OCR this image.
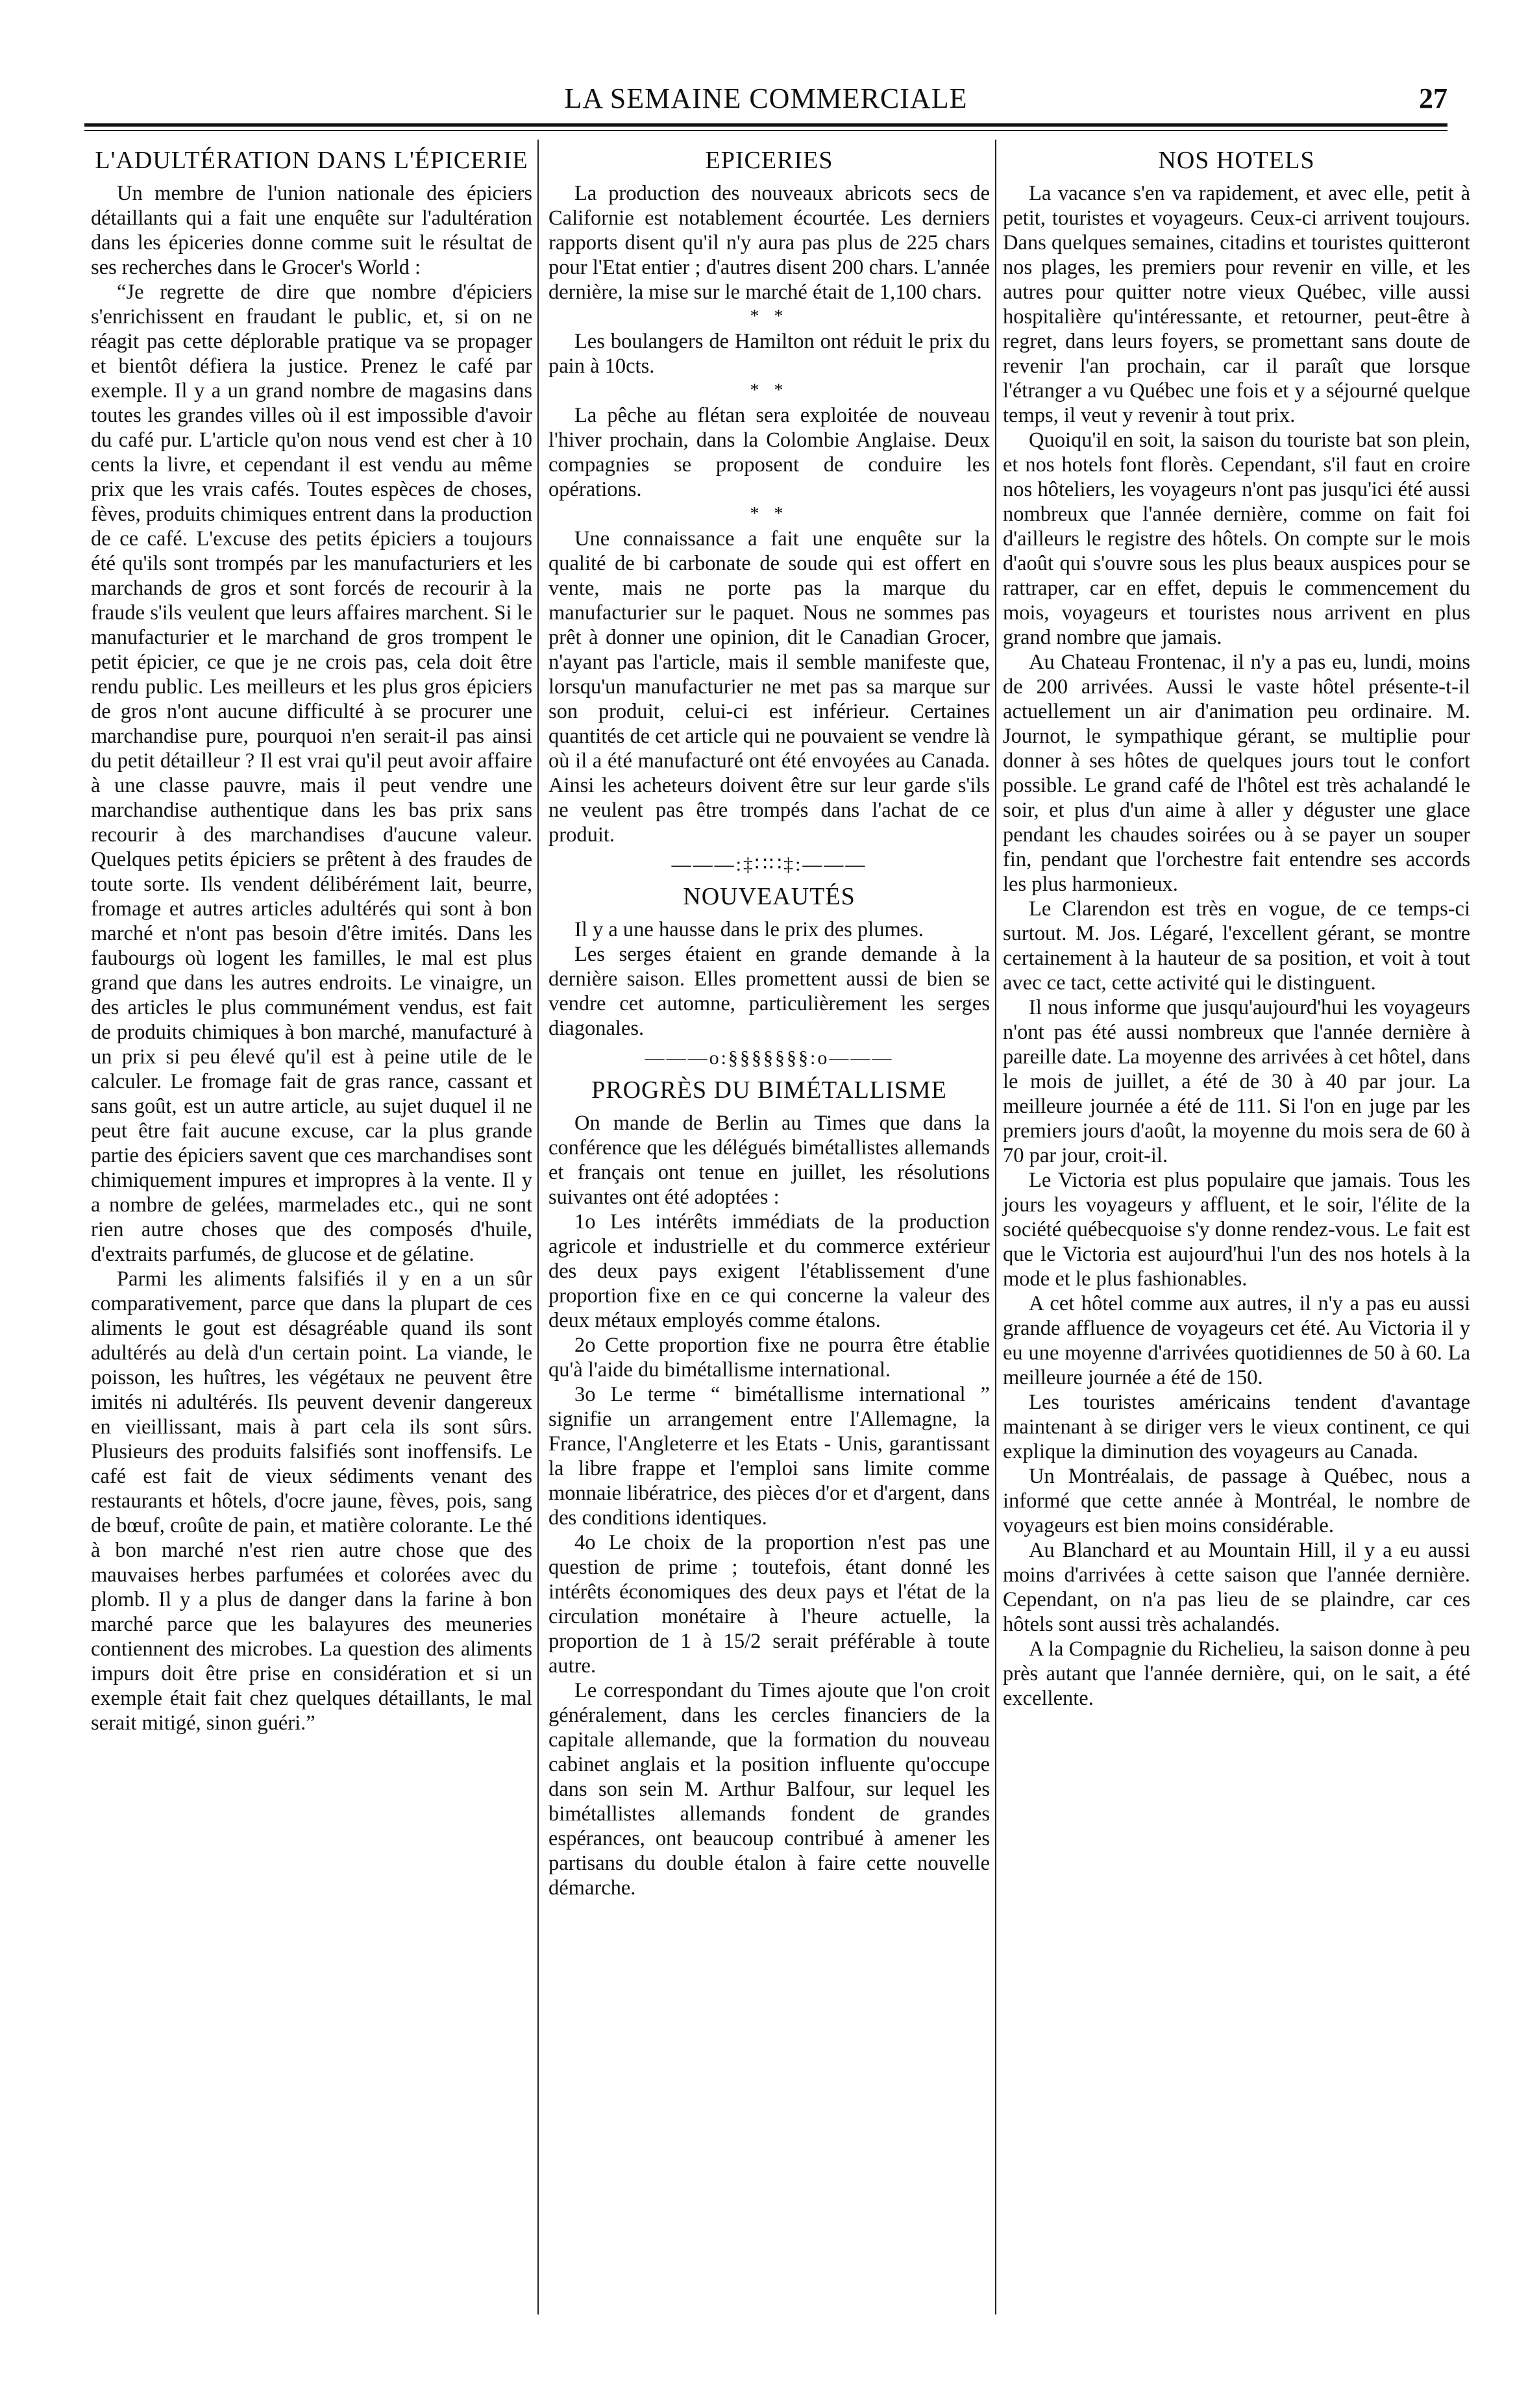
LA SEMAINE COMMERCIALE	27
L'ADULTÉRATION DANS L'ÉPICERIE

Un membre de l'union nationale des épiciers détaillants qui a fait une enquête sur l'adultération dans les épiceries donne comme suit le résultat de ses recherches dans le Grocer's World :

“Je regrette de dire que nombre d'épiciers s'enrichissent en fraudant le public, et, si on ne réagit pas cette déplorable pratique va se propager et bientôt défiera la justice. Prenez le café par exemple. Il y a un grand nombre de magasins dans toutes les grandes villes où il est impossible d'avoir du café pur. L'article qu'on nous vend est cher à 10 cents la livre, et cependant il est vendu au même prix que les vrais cafés. Toutes espèces de choses, fèves, produits chimiques entrent dans la production de ce café. L'excuse des petits épiciers a toujours été qu'ils sont trompés par les manufacturiers et les marchands de gros et sont forcés de recourir à la fraude s'ils veulent que leurs affaires marchent. Si le manufacturier et le marchand de gros trompent le petit épicier, ce que je ne crois pas, cela doit être rendu public. Les meilleurs et les plus gros épiciers de gros n'ont aucune difficulté à se procurer une marchandise pure, pourquoi n'en serait-il pas ainsi du petit détailleur ? Il est vrai qu'il peut avoir affaire à une classe pauvre, mais il peut vendre une marchandise authentique dans les bas prix sans recourir à des marchandises d'aucune valeur. Quelques petits épiciers se prêtent à des fraudes de toute sorte. Ils vendent délibérément lait, beurre, fromage et autres articles adultérés qui sont à bon marché et n'ont pas besoin d'être imités. Dans les faubourgs où logent les familles, le mal est plus grand que dans les autres endroits. Le vinaigre, un des articles le plus communément vendus, est fait de produits chimiques à bon marché, manufacturé à un prix si peu élevé qu'il est à peine utile de le calculer. Le fromage fait de gras rance, cassant et sans goût, est un autre article, au sujet duquel il ne peut être fait aucune excuse, car la plus grande partie des épiciers savent que ces marchandises sont chimiquement impures et impropres à la vente. Il y a nombre de gelées, marmelades etc., qui ne sont rien autre choses que des composés d'huile, d'extraits parfumés, de glucose et de gélatine.

Parmi les aliments falsifiés il y en a un sûr comparativement, parce que dans la plupart de ces aliments le gout est désagréable quand ils sont adultérés au delà d'un certain point. La viande, le poisson, les huîtres, les végétaux ne peuvent être imités ni adultérés. Ils peuvent devenir dangereux en vieillissant, mais à part cela ils sont sûrs. Plusieurs des produits falsifiés sont inoffensifs. Le café est fait de vieux sédiments venant des restaurants et hôtels, d'ocre jaune, fèves, pois, sang de bœuf, croûte de pain, et matière colorante. Le thé à bon marché n'est rien autre chose que des mauvaises herbes parfumées et colorées avec du plomb. Il y a plus de danger dans la farine à bon marché parce que les balayures des meuneries contiennent des microbes. La question des aliments impurs doit être prise en considération et si un exemple était fait chez quelques détaillants, le mal serait mitigé, sinon guéri.”

EPICERIES

La production des nouveaux abricots secs de Californie est notablement écourtée. Les derniers rapports disent qu'il n'y aura pas plus de 225 chars pour l'Etat entier ; d'autres disent 200 chars. L'année dernière, la mise sur le marché était de 1,100 chars.

* *

Les boulangers de Hamilton ont réduit le prix du pain à 10cts.

* *

La pêche au flétan sera exploitée de nouveau l'hiver prochain, dans la Colombie Anglaise. Deux compagnies se proposent de conduire les opérations.

* *

Une connaissance a fait une enquête sur la qualité de bi carbonate de soude qui est offert en vente, mais ne porte pas la marque du manufacturier sur le paquet. Nous ne sommes pas prêt à donner une opinion, dit le Canadian Grocer, n'ayant pas l'article, mais il semble manifeste que, lorsqu'un manufacturier ne met pas sa marque sur son produit, celui-ci est inférieur. Certaines quantités de cet article qui ne pouvaient se vendre là où il a été manufacturé ont été envoyées au Canada. Ainsi les acheteurs doivent être sur leur garde s'ils ne veulent pas être trompés dans l'achat de ce produit.

———:‡∷∷‡:———
NOUVEAUTÉS

Il y a une hausse dans le prix des plumes.

Les serges étaient en grande demande à la dernière saison. Elles promettent aussi de bien se vendre cet automne, particulièrement les serges diagonales.

———o:§§§§§§§:o———
PROGRÈS DU BIMÉTALLISME

On mande de Berlin au Times que dans la conférence que les délégués bimétallistes allemands et français ont tenue en juillet, les résolutions suivantes ont été adoptées :

1o Les intérêts immédiats de la production agricole et industrielle et du commerce extérieur des deux pays exigent l'établissement d'une proportion fixe en ce qui concerne la valeur des deux métaux employés comme étalons.

2o Cette proportion fixe ne pourra être établie qu'à l'aide du bimétallisme international.

3o Le terme “ bimétallisme international ” signifie un arrangement entre l'Allemagne, la France, l'Angleterre et les Etats - Unis, garantissant la libre frappe et l'emploi sans limite comme monnaie libératrice, des pièces d'or et d'argent, dans des conditions identiques.

4o Le choix de la proportion n'est pas une question de prime ; toutefois, étant donné les intérêts économiques des deux pays et l'état de la circulation monétaire à l'heure actuelle, la proportion de 1 à 15/2 serait préférable à toute autre.

Le correspondant du Times ajoute que l'on croit généralement, dans les cercles financiers de la capitale allemande, que la formation du nouveau cabinet anglais et la position influente qu'occupe dans son sein M. Arthur Balfour, sur lequel les bimétallistes allemands fondent de grandes espérances, ont beaucoup contribué à amener les partisans du double étalon à faire cette nouvelle démarche.

NOS HOTELS

La vacance s'en va rapidement, et avec elle, petit à petit, touristes et voyageurs. Ceux-ci arrivent toujours. Dans quelques semaines, citadins et touristes quitteront nos plages, les premiers pour revenir en ville, et les autres pour quitter notre vieux Québec, ville aussi hospitalière qu'intéressante, et retourner, peut-être à regret, dans leurs foyers, se promettant sans doute de revenir l'an prochain, car il paraît que lorsque l'étranger a vu Québec une fois et y a séjourné quelque temps, il veut y revenir à tout prix.

Quoiqu'il en soit, la saison du touriste bat son plein, et nos hotels font florès. Cependant, s'il faut en croire nos hôteliers, les voyageurs n'ont pas jusqu'ici été aussi nombreux que l'année dernière, comme on fait foi d'ailleurs le registre des hôtels. On compte sur le mois d'août qui s'ouvre sous les plus beaux auspices pour se rattraper, car en effet, depuis le commencement du mois, voyageurs et touristes nous arrivent en plus grand nombre que jamais.

Au Chateau Frontenac, il n'y a pas eu, lundi, moins de 200 arrivées. Aussi le vaste hôtel présente-t-il actuellement un air d'animation peu ordinaire. M. Journot, le sympathique gérant, se multiplie pour donner à ses hôtes de quelques jours tout le confort possible. Le grand café de l'hôtel est très achalandé le soir, et plus d'un aime à aller y déguster une glace pendant les chaudes soirées ou à se payer un souper fin, pendant que l'orchestre fait entendre ses accords les plus harmonieux.

Le Clarendon est très en vogue, de ce temps-ci surtout. M. Jos. Légaré, l'excellent gérant, se montre certainement à la hauteur de sa position, et voit à tout avec ce tact, cette activité qui le distinguent.

Il nous informe que jusqu'aujourd'hui les voyageurs n'ont pas été aussi nombreux que l'année dernière à pareille date. La moyenne des arrivées à cet hôtel, dans le mois de juillet, a été de 30 à 40 par jour. La meilleure journée a été de 111. Si l'on en juge par les premiers jours d'août, la moyenne du mois sera de 60 à 70 par jour, croit-il.

Le Victoria est plus populaire que jamais. Tous les jours les voyageurs y affluent, et le soir, l'élite de la société québecquoise s'y donne rendez-vous. Le fait est que le Victoria est aujourd'hui l'un des nos hotels à la mode et le plus fashionables.

A cet hôtel comme aux autres, il n'y a pas eu aussi grande affluence de voyageurs cet été. Au Victoria il y eu une moyenne d'arrivées quotidiennes de 50 à 60. La meilleure journée a été de 150.

Les touristes américains tendent d'avantage maintenant à se diriger vers le vieux continent, ce qui explique la diminution des voyageurs au Canada.

Un Montréalais, de passage à Québec, nous a informé que cette année à Montréal, le nombre de voyageurs est bien moins considérable.

Au Blanchard et au Mountain Hill, il y a eu aussi moins d'arrivées à cette saison que l'année dernière. Cependant, on n'a pas lieu de se plaindre, car ces hôtels sont aussi très achalandés.

A la Compagnie du Richelieu, la saison donne à peu près autant que l'année dernière, qui, on le sait, a été excellente.
